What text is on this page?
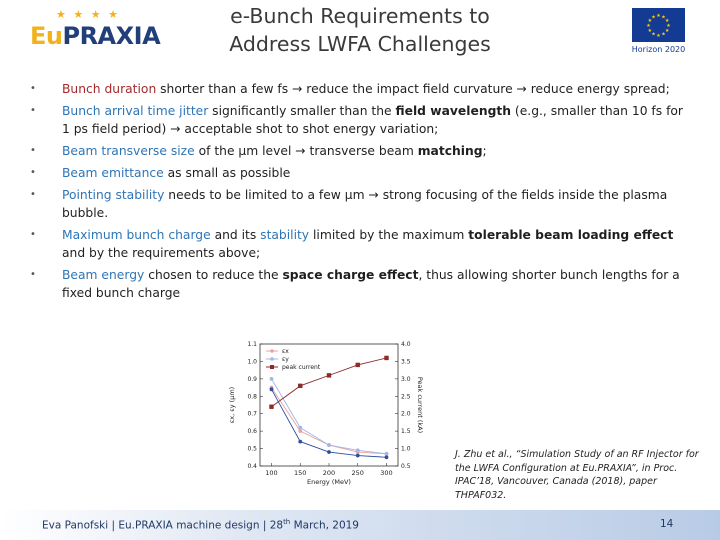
★ ★ ★ ★
EuPRAXIA
e-Bunch Requirements to
Address LWFA Challenges
★
★
★
★
★
★
★
★
★ ★ ★
★
Horizon 2020
• Bunch duration shorter than a few fs → reduce the impact field curvature → reduce energy spread;
• Bunch arrival time jitter significantly smaller than the field wavelength (e.g., smaller than 10 fs for 1 ps field period) → acceptable shot to shot energy variation;
• Beam transverse size of the µm level → transverse beam matching;
• Beam emittance as small as possible
• Pointing stability needs to be limited to a few µm → strong focusing of the fields inside the plasma bubble.
• Maximum bunch charge and its stability limited by the maximum tolerable beam loading effect and by the requirements above;
• Beam energy chosen to reduce the space charge effect, thus allowing shorter bunch lengths for a fixed bunch charge
100	150	200	250	300
0.4
0.5
0.6
0.7
0.8
0.9
1.0
1.1
0.5
1.0
1.5
2.0
2.5
3.0
3.5
4.0
Energy (MeV)
εx, εy (µm)	Peak current (kA)
εx
εy
peak current
J. Zhu et al., “Simulation Study of an RF Injector for the LWFA Configuration at Eu.PRAXIA”, in Proc. IPAC’18, Vancouver, Canada (2018), paper THPAF032.
Eva Panofski | Eu.PRAXIA machine design | 28th March, 2019	14
